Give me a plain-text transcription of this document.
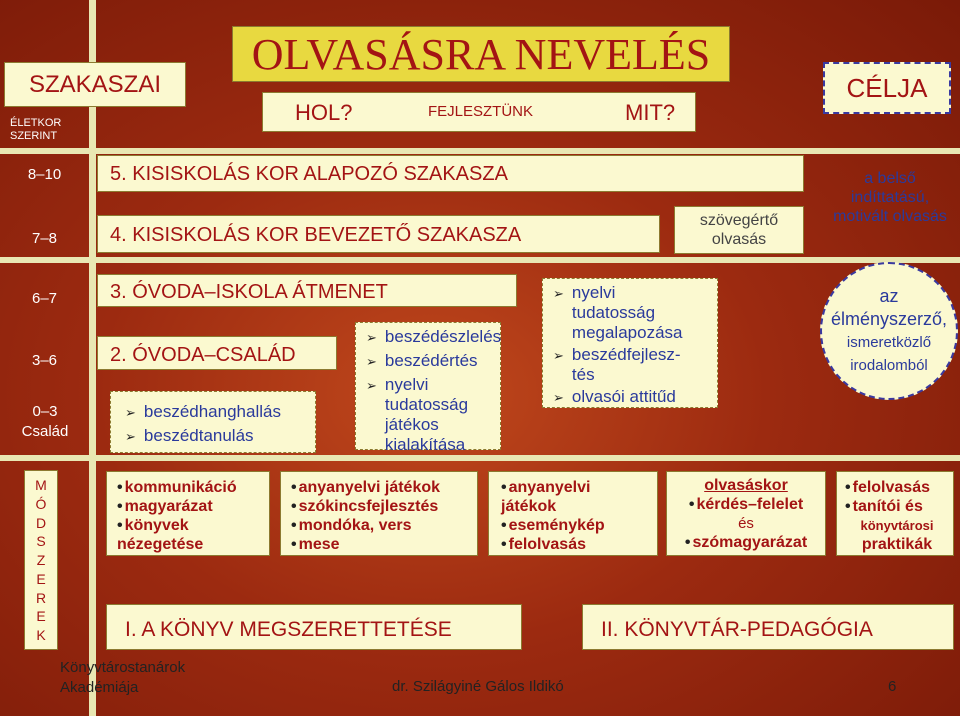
SZAKASZAI
ÉLETKOR SZERINT
OLVASÁSRA NEVELÉS
HOL?	FEJLESZTÜNK	MIT?
CÉLJA
8–10
7–8
6–7
3–6
0–3 Család
5. KISISKOLÁS KOR ALAPOZÓ SZAKASZA
4. KISISKOLÁS KOR BEVEZETŐ SZAKASZA
szövegértő olvasás
a belső indíttatású, motivált olvasás
3. ÓVODA–ISKOLA ÁTMENET
2. ÓVODA–CSALÁD
➢ beszédhanghallás
➢ beszédtanulás
➢ beszédészlelés
➢ beszédértés
➢
nyelvi tudatosság játékos kialakítása
➢
nyelvi tudatosság megalapozása
➢
beszédfejlesz-tés
➢ olvasói attitűd
az
élményszerző,
ismeretközlő
irodalomból
M
Ó
D
S
Z
E
R
E
K
• kommunikáció
• magyarázat
• könyvek nézegetése
• anyanyelvi játékok
• szókincsfejlesztés
• mondóka, vers
• mese
• anyanyelvi játékok
• eseménykép
• felolvasás
olvasáskor
• kérdés–felelet
és
• szómagyarázat
• felolvasás
• tanítói és
könyvtárosi
praktikák
I. A KÖNYV MEGSZERETTETÉSE	II. KÖNYVTÁR-PEDAGÓGIA
Könyvtárostanárok
Akadémiája	dr. Szilágyiné Gálos Ildikó	6
